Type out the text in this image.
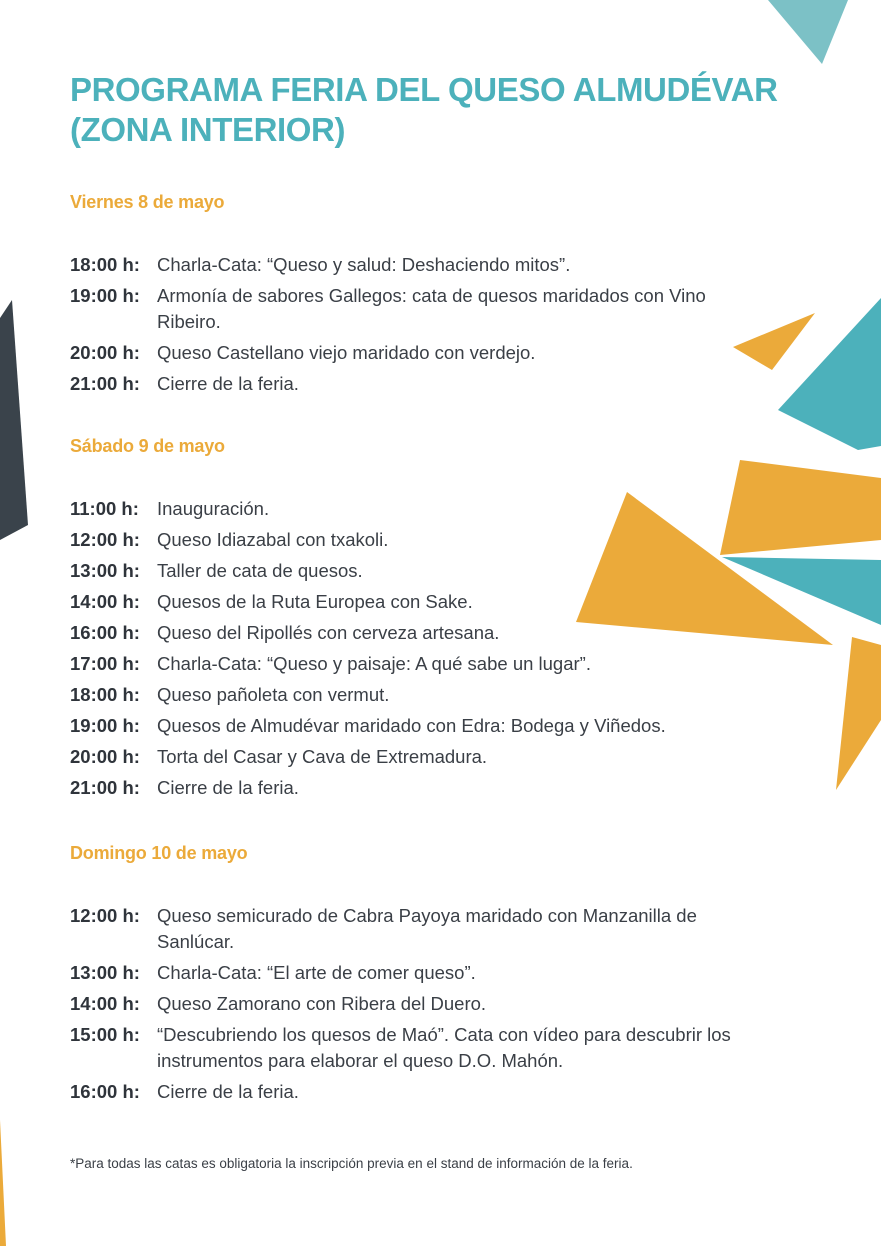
PROGRAMA FERIA DEL QUESO ALMUDÉVAR
(ZONA INTERIOR)
Viernes 8 de mayo
18:00 h: Charla-Cata: “Queso y salud: Deshaciendo mitos”.
19:00 h: Armonía de sabores Gallegos: cata de quesos maridados con Vino Ribeiro.
20:00 h: Queso Castellano viejo maridado con verdejo.
21:00 h: Cierre de la feria.
Sábado 9 de mayo
11:00 h: Inauguración.
12:00 h: Queso Idiazabal con txakoli.
13:00 h: Taller de cata de quesos.
14:00 h: Quesos de la Ruta Europea con Sake.
16:00 h: Queso del Ripollés con cerveza artesana.
17:00 h: Charla-Cata: “Queso y paisaje: A qué sabe un lugar”.
18:00 h: Queso pañoleta con vermut.
19:00 h: Quesos de Almudévar maridado con Edra: Bodega y Viñedos.
20:00 h: Torta del Casar y Cava de Extremadura.
21:00 h: Cierre de la feria.
Domingo 10 de mayo
12:00 h: Queso semicurado de Cabra Payoya maridado con Manzanilla de Sanlúcar.
13:00 h: Charla-Cata: “El arte de comer queso”.
14:00 h: Queso Zamorano con Ribera del Duero.
15:00 h: “Descubriendo los quesos de Maó”. Cata con vídeo para descubrir los instrumentos para elaborar el queso D.O. Mahón.
16:00 h: Cierre de la feria.

*Para todas las catas es obligatoria la inscripción previa en el stand de información de la feria.
